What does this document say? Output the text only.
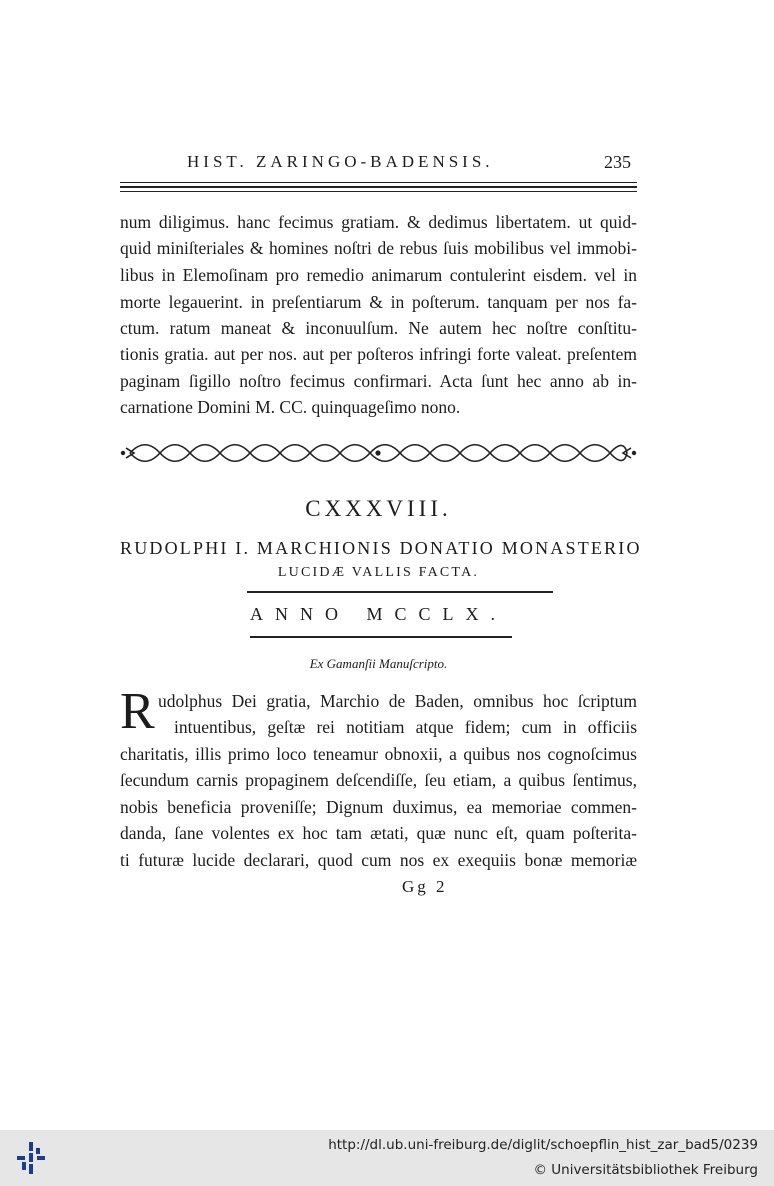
HIST. ZARINGO-BADENSIS.	235
num diligimus. hanc fecimus gratiam. & dedimus libertatem. ut quid-
quid miniſteriales & homines noſtri de rebus ſuis mobilibus vel immobi-
libus in Elemoſinam pro remedio animarum contulerint eisdem. vel in
morte legauerint. in preſentiarum & in poſterum. tanquam per nos fa-
ctum. ratum maneat & inconuulſum. Ne autem hec noſtre conſtitu-
tionis gratia. aut per nos. aut per poſteros infringi forte valeat. preſentem
paginam ſigillo noſtro fecimus confirmari. Acta ſunt hec anno ab in-
carnatione Domini M. CC. quinquageſimo nono.
CXXXVIII.
RUDOLPHI I. MARCHIONIS DONATIO MONASTERIO
LUCIDÆ VALLIS FACTA.
ANNO MCCLX.
Ex Gamanſii Manuſcripto.
R udolphus Dei gratia, Marchio de Baden, omnibus hoc ſcriptum
intuentibus, geſtæ rei notitiam atque fidem; cum in officiis
charitatis, illis primo loco teneamur obnoxii, a quibus nos cognoſcimus
ſecundum carnis propaginem deſcendiſſe, ſeu etiam, a quibus ſentimus,
nobis beneficia proveniſſe; Dignum duximus, ea memoriae commen-
danda, ſane volentes ex hoc tam ætati, quæ nunc eſt, quam poſterita-
ti futuræ lucide declarari, quod cum nos ex exequiis bonæ memoriæ
Gg 2
http://dl.ub.uni-freiburg.de/diglit/schoepflin_hist_zar_bad5/0239
© Universitätsbibliothek Freiburg
